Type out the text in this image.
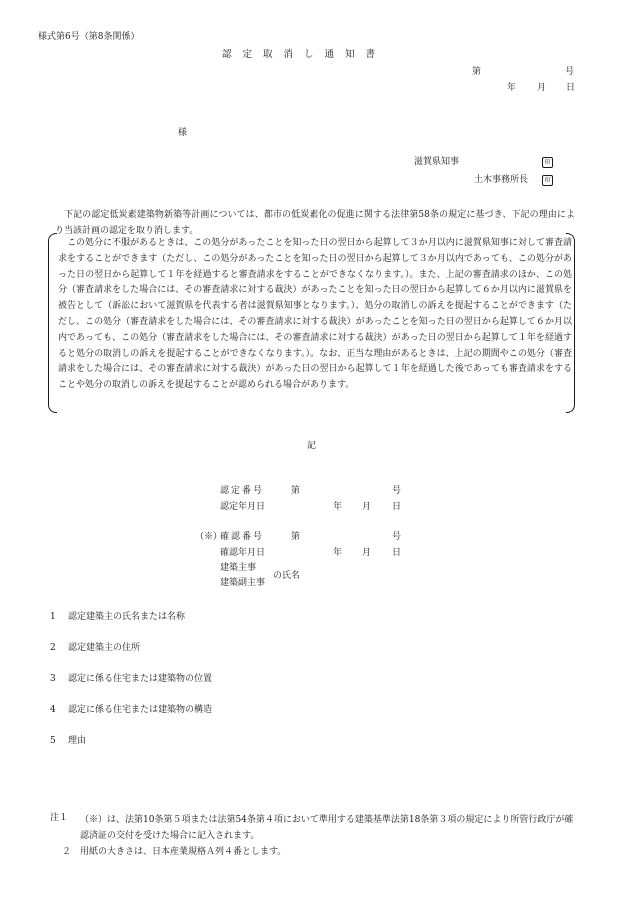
様式第6号（第8条関係）
認定取消し通知書
第	号
年 月 日
様
滋賀県知事	印
土木事務所長	印
下記の認定低炭素建築物新築等計画については、都市の低炭素化の促進に関する法律第58条の規定に基づき、下記の理由により当該計画の認定を取り消します。
この処分に不服があるときは、この処分があったことを知った日の翌日から起算して３か月以内に滋賀県知事に対して審査請求をすることができます（ただし、この処分があったことを知った日の翌日から起算して３か月以内であっても、この処分があった日の翌日から起算して１年を経過すると審査請求をすることができなくなります。）。また、上記の審査請求のほか、この処分（審査請求をした場合には、その審査請求に対する裁決）があったことを知った日の翌日から起算して６か月以内に滋賀県を被告として（訴訟において滋賀県を代表する者は滋賀県知事となります。）、処分の取消しの訴えを提起することができます（ただし、この処分（審査請求をした場合には、その審査請求に対する裁決）があったことを知った日の翌日から起算して６か月以内であっても、この処分（審査請求をした場合には、その審査請求に対する裁決）があった日の翌日から起算して１年を経過すると処分の取消しの訴えを提起することができなくなります。）。なお、正当な理由があるときは、上記の期間やこの処分（審査請求をした場合には、その審査請求に対する裁決）があった日の翌日から起算して１年を経過した後であっても審査請求をすることや処分の取消しの訴えを提起することが認められる場合があります。
記
認定番号	第	号
認定年月日	年 月 日
（※）
確認番号	第	号
確認年月日	年 月 日
建築主事
建築副主事
の氏名
1 認定建築主の氏名または名称
2 認定建築主の住所
3 認定に係る住宅または建築物の位置
4 認定に係る住宅または建築物の構造
5 理由
注１ （※）は、法第10条第５項または法第54条第４項において準用する建築基準法第18条第３項の規定により所管行政庁が確認済証の交付を受けた場合に記入されます。
２ 用紙の大きさは、日本産業規格Ａ列４番とします。
